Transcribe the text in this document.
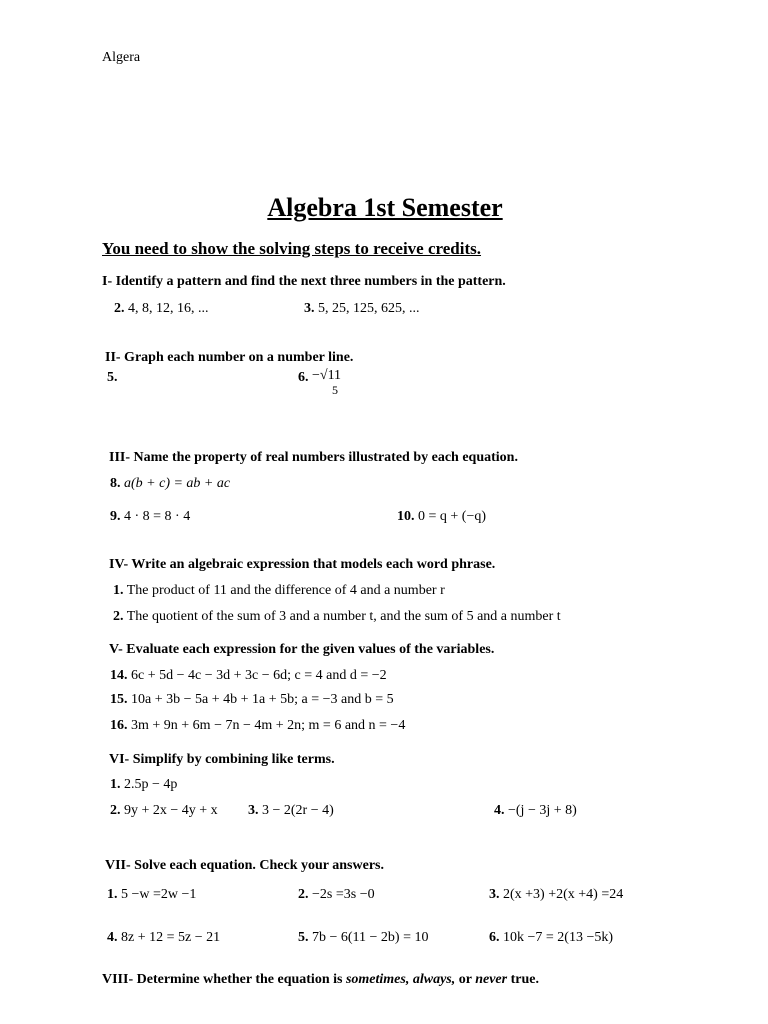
Algera
Algebra 1st Semester
You need to show the solving steps to receive credits.
I- Identify a pattern and find the next three numbers in the pattern.
2. 4, 8, 12, 16, ...	3. 5, 25, 125, 625, ...
II- Graph each number on a number line.
5.	6. −√11
5
III- Name the property of real numbers illustrated by each equation.
8. a(b + c) = ab + ac
9. 4 · 8 = 8 · 4	10. 0 = q + (−q)
IV- Write an algebraic expression that models each word phrase.
1. The product of 11 and the difference of 4 and a number r
2. The quotient of the sum of 3 and a number t, and the sum of 5 and a number t
V- Evaluate each expression for the given values of the variables.
14. 6c + 5d − 4c − 3d + 3c − 6d; c = 4 and d = −2
15. 10a + 3b − 5a + 4b + 1a + 5b; a = −3 and b = 5
16. 3m + 9n + 6m − 7n − 4m + 2n; m = 6 and n = −4
VI- Simplify by combining like terms.
1. 2.5p − 4p
2. 9y + 2x − 4y + x 3. 3 − 2(2r − 4)	4. −(j − 3j + 8)
VII- Solve each equation. Check your answers.
1. 5 −w =2w −1	2. −2s =3s −0	3. 2(x +3) +2(x +4) =24
4. 8z + 12 = 5z − 21	5. 7b − 6(11 − 2b) = 10	6. 10k −7 = 2(13 −5k)
VIII- Determine whether the equation is sometimes, always, or never true.
